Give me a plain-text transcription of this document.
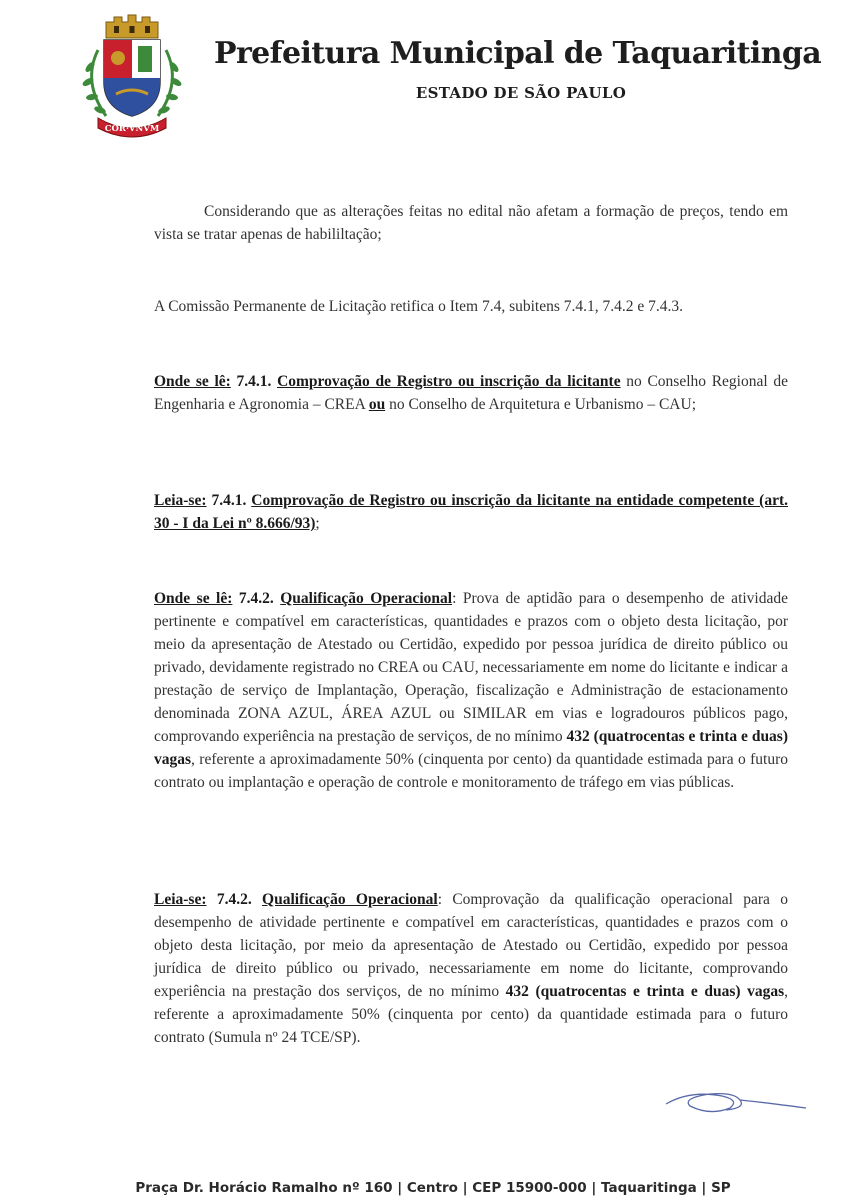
COR·VNVM
Prefeitura Municipal de Taquaritinga
ESTADO DE SÃO PAULO
Considerando que as alterações feitas no edital não afetam a formação de preços, tendo em vista se tratar apenas de habililtação;
A Comissão Permanente de Licitação retifica o Item 7.4, subitens 7.4.1, 7.4.2 e 7.4.3.
Onde se lê: 7.4.1. Comprovação de Registro ou inscrição da licitante no Conselho Regional de Engenharia e Agronomia – CREA ou no Conselho de Arquitetura e Urbanismo – CAU;
Leia-se: 7.4.1. Comprovação de Registro ou inscrição da licitante na entidade competente (art. 30 - I da Lei nº 8.666/93);
Onde se lê: 7.4.2. Qualificação Operacional: Prova de aptidão para o desempenho de atividade pertinente e compatível em características, quantidades e prazos com o objeto desta licitação, por meio da apresentação de Atestado ou Certidão, expedido por pessoa jurídica de direito público ou privado, devidamente registrado no CREA ou CAU, necessariamente em nome do licitante e indicar a prestação de serviço de Implantação, Operação, fiscalização e Administração de estacionamento denominada ZONA AZUL, ÁREA AZUL ou SIMILAR em vias e logradouros públicos pago, comprovando experiência na prestação de serviços, de no mínimo 432 (quatrocentas e trinta e duas) vagas, referente a aproximadamente 50% (cinquenta por cento) da quantidade estimada para o futuro contrato ou implantação e operação de controle e monitoramento de tráfego em vias públicas.
Leia-se: 7.4.2. Qualificação Operacional: Comprovação da qualificação operacional para o desempenho de atividade pertinente e compatível em características, quantidades e prazos com o objeto desta licitação, por meio da apresentação de Atestado ou Certidão, expedido por pessoa jurídica de direito público ou privado, necessariamente em nome do licitante, comprovando experiência na prestação dos serviços, de no mínimo 432 (quatrocentas e trinta e duas) vagas, referente a aproximadamente 50% (cinquenta por cento) da quantidade estimada para o futuro contrato (Sumula nº 24 TCE/SP).
Praça Dr. Horácio Ramalho nº 160 | Centro | CEP 15900-000 | Taquaritinga | SP
